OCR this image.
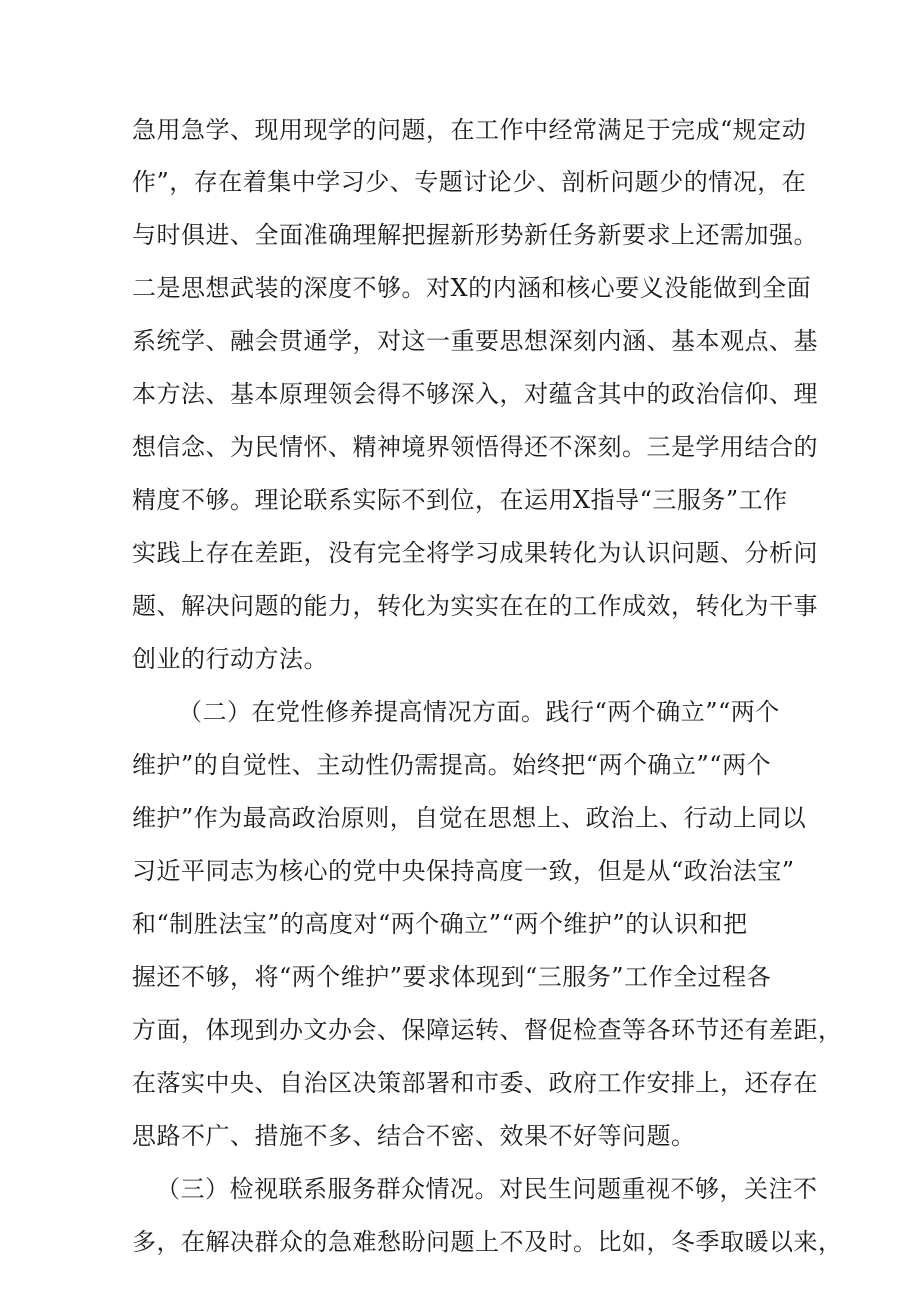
急用急学、现用现学的问题，在工作中经常满足于完成“规定动
作”，存在着集中学习少、专题讨论少、剖析问题少的情况，在
与时俱进、全面准确理解把握新形势新任务新要求上还需加强。
二是思想武装的深度不够。对X的内涵和核心要义没能做到全面
系统学、融会贯通学，对这一重要思想深刻内涵、基本观点、基
本方法、基本原理领会得不够深入，对蕴含其中的政治信仰、理
想信念、为民情怀、精神境界领悟得还不深刻。三是学用结合的
精度不够。理论联系实际不到位，在运用X指导“三服务”工作
实践上存在差距，没有完全将学习成果转化为认识问题、分析问
题、解决问题的能力，转化为实实在在的工作成效，转化为干事
创业的行动方法。
（二）在党性修养提高情况方面。践行“两个确立”“两个
维护”的自觉性、主动性仍需提高。始终把“两个确立”“两个
维护”作为最高政治原则，自觉在思想上、政治上、行动上同以
习近平同志为核心的党中央保持高度一致，但是从“政治法宝”
和“制胜法宝”的高度对“两个确立”“两个维护”的认识和把
握还不够，将“两个维护”要求体现到“三服务”工作全过程各
方面，体现到办文办会、保障运转、督促检查等各环节还有差距，
在落实中央、自治区决策部署和市委、政府工作安排上，还存在
思路不广、措施不多、结合不密、效果不好等问题。
（三）检视联系服务群众情况。对民生问题重视不够，关注不
多，在解决群众的急难愁盼问题上不及时。比如，冬季取暖以来，
